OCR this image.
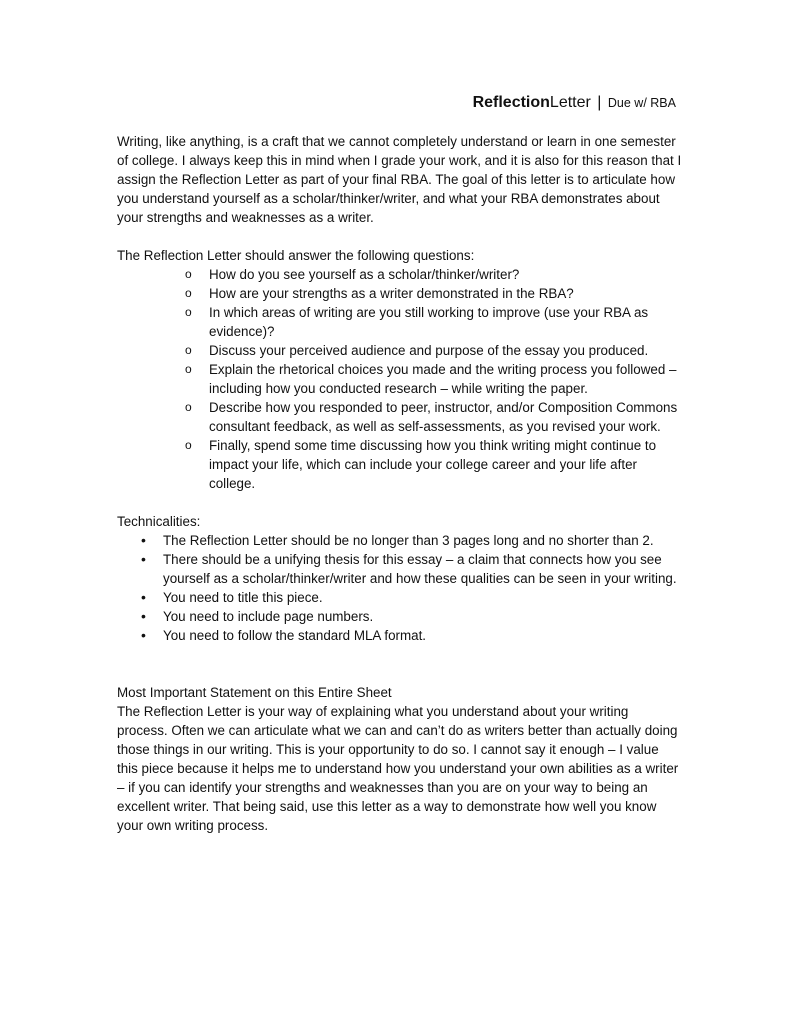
ReflectionLetter | Due w/ RBA

Writing, like anything, is a craft that we cannot completely understand or learn in one semester of college. I always keep this in mind when I grade your work, and it is also for this reason that I assign the Reflection Letter as part of your final RBA. The goal of this letter is to articulate how you understand yourself as a scholar/thinker/writer, and what your RBA demonstrates about your strengths and weaknesses as a writer.

The Reflection Letter should answer the following questions:

o How do you see yourself as a scholar/thinker/writer?
o How are your strengths as a writer demonstrated in the RBA?
o In which areas of writing are you still working to improve (use your RBA as evidence)?
o Discuss your perceived audience and purpose of the essay you produced.
o Explain the rhetorical choices you made and the writing process you followed – including how you conducted research – while writing the paper.
o Describe how you responded to peer, instructor, and/or Composition Commons consultant feedback, as well as self-assessments, as you revised your work.
o Finally, spend some time discussing how you think writing might continue to impact your life, which can include your college career and your life after college.

Technicalities:

• The Reflection Letter should be no longer than 3 pages long and no shorter than 2.
• There should be a unifying thesis for this essay – a claim that connects how you see yourself as a scholar/thinker/writer and how these qualities can be seen in your writing.
• You need to title this piece.
• You need to include page numbers.
• You need to follow the standard MLA format.

Most Important Statement on this Entire Sheet

The Reflection Letter is your way of explaining what you understand about your writing process. Often we can articulate what we can and can’t do as writers better than actually doing those things in our writing. This is your opportunity to do so. I cannot say it enough – I value this piece because it helps me to understand how you understand your own abilities as a writer – if you can identify your strengths and weaknesses than you are on your way to being an excellent writer. That being said, use this letter as a way to demonstrate how well you know your own writing process.
